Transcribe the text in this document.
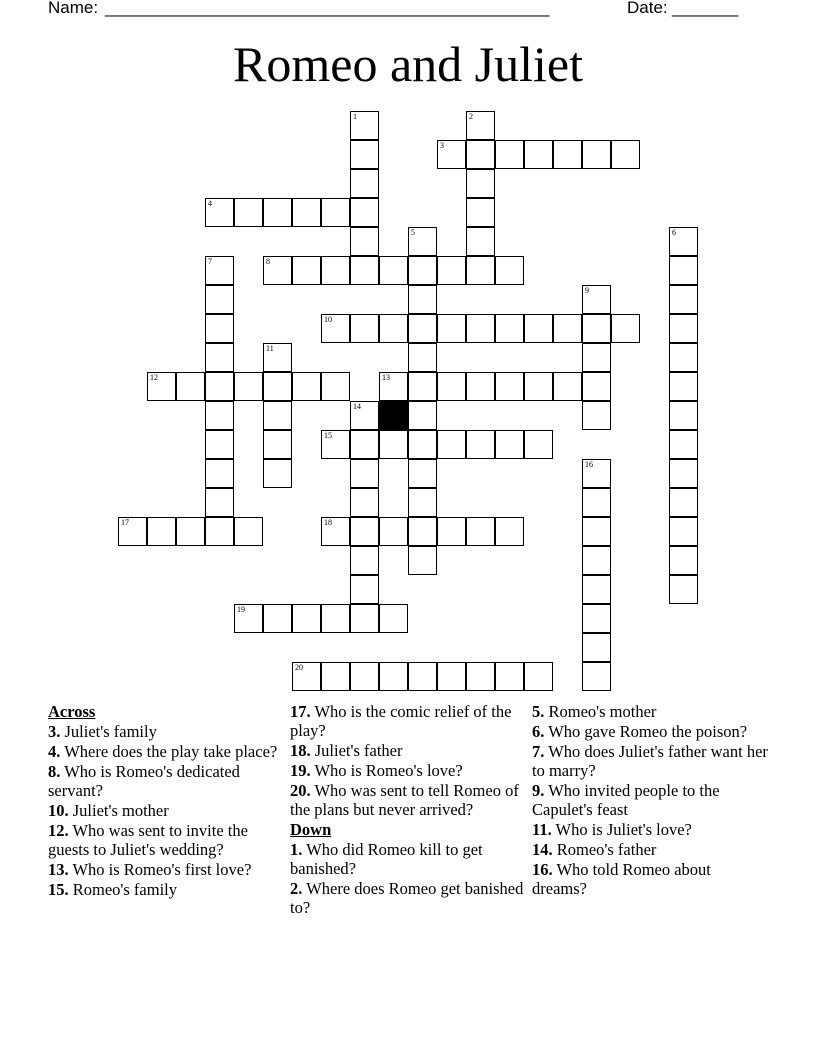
Name: _______________________________________________	Date: _______
Romeo and Juliet
1	2
3
4
5	6
7	8
9
10
11
12	13
14
15
16
17	18
19
20
Across
3. Juliet's family
4. Where does the play take place?
8. Who is Romeo's dedicated servant?
10. Juliet's mother
12. Who was sent to invite the guests to Juliet's wedding?
13. Who is Romeo's first love?
15. Romeo's family
17. Who is the comic relief of the play?
18. Juliet's father
19. Who is Romeo's love?
20. Who was sent to tell Romeo of the plans but never arrived?
Down
1. Who did Romeo kill to get banished?
2. Where does Romeo get banished to?
5. Romeo's mother
6. Who gave Romeo the poison?
7. Who does Juliet's father want her to marry?
9. Who invited people to the Capulet's feast
11. Who is Juliet's love?
14. Romeo's father
16. Who told Romeo about dreams?
